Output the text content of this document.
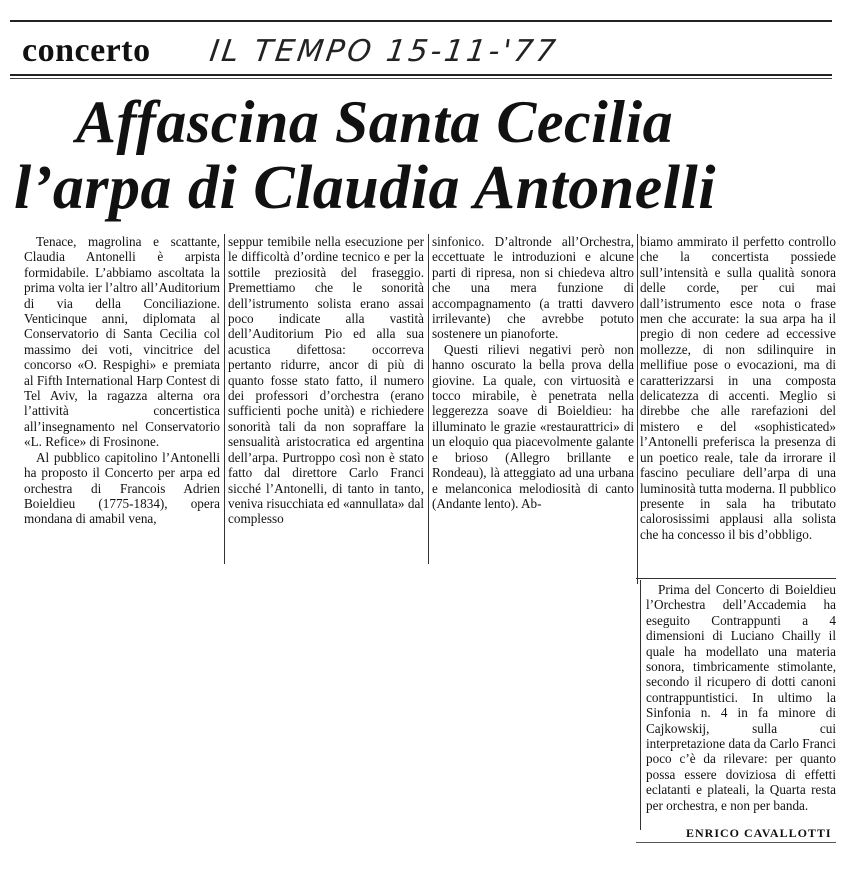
concerto IL TEMPO 15-11-'77
Affascina Santa Cecilia
l’arpa di Claudia Antonelli

Tenace, magrolina e scattante, Claudia Antonelli è arpista formidabile. L’abbiamo ascoltata la prima volta ier l’altro all’Auditorium di via della Conciliazione. Venticinque anni, diplomata al Conservatorio di Santa Cecilia col massimo dei voti, vincitrice del concorso «O. Respighi» e premiata al Fifth International Harp Contest di Tel Aviv, la ragazza alterna ora l’attività concertistica all’insegnamento nel Conservatorio «L. Refice» di Frosinone.

Al pubblico capitolino l’Antonelli ha proposto il Concerto per arpa ed orchestra di Francois Adrien Boieldieu (1775-1834), opera mondana di amabil vena,

seppur temibile nella esecuzione per le difficoltà d’ordine tecnico e per la sottile preziosità del fraseggio. Premettiamo che le sonorità dell’istrumento solista erano assai poco indicate alla vastità dell’Auditorium Pio ed alla sua acustica difettosa: occorreva pertanto ridurre, ancor di più di quanto fosse stato fatto, il numero dei professori d’orchestra (erano sufficienti poche unità) e richiedere sonorità tali da non sopraffare la sensualità aristocratica ed argentina dell’arpa. Purtroppo così non è stato fatto dal direttore Carlo Franci sicché l’Antonelli, di tanto in tanto, veniva risucchiata ed «annullata» dal complesso

sinfonico. D’altronde all’Orchestra, eccettuate le introduzioni e alcune parti di ripresa, non si chiedeva altro che una mera funzione di accompagnamento (a tratti davvero irrilevante) che avrebbe potuto sostenere un pianoforte.

Questi rilievi negativi però non hanno oscurato la bella prova della giovine. La quale, con virtuosità e tocco mirabile, è penetrata nella leggerezza soave di Boieldieu: ha illuminato le grazie «restaurattrici» di un eloquio qua piacevolmente galante e brioso (Allegro brillante e Rondeau), là atteggiato ad una urbana e melanconica melodiosità di canto (Andante lento). Ab-

biamo ammirato il perfetto controllo che la concertista possiede sull’intensità e sulla qualità sonora delle corde, per cui mai dall’istrumento esce nota o frase men che accurate: la sua arpa ha il pregio di non cedere ad eccessive mollezze, di non sdilinquire in mellifiue pose o evocazioni, ma di caratterizzarsi in una composta delicatezza di accenti. Meglio si direbbe che alle rarefazioni del mistero e del «sophisticated» l’Antonelli preferisca la presenza di un poetico reale, tale da irrorare il fascino peculiare dell’arpa di una luminosità tutta moderna. Il pubblico presente in sala ha tributato calorosissimi applausi alla solista che ha concesso il bis d’obbligo.

Prima del Concerto di Boieldieu l’Orchestra dell’Accademia ha eseguito Contrappunti a 4 dimensioni di Luciano Chailly il quale ha modellato una materia sonora, timbricamente stimolante, secondo il ricupero di dotti canoni contrappuntistici. In ultimo la Sinfonia n. 4 in fa minore di Cajkowskij, sulla cui interpretazione data da Carlo Franci poco c’è da rilevare: per quanto possa essere doviziosa di effetti eclatanti e plateali, la Quarta resta per orchestra, e non per banda.

ENRICO CAVALLOTTI
